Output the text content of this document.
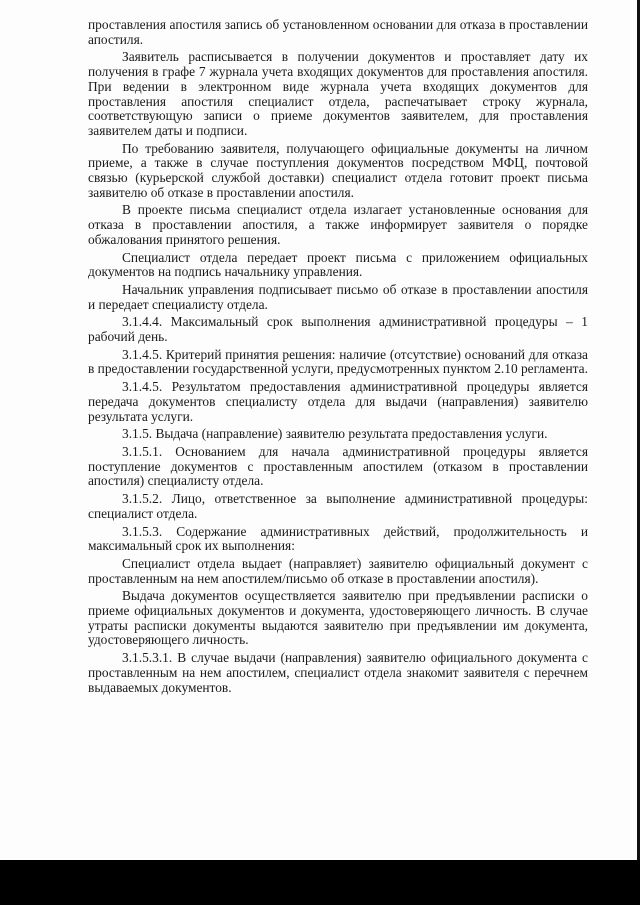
проставления апостиля запись об установленном основании для отказа в проставлении апостиля.

Заявитель расписывается в получении документов и проставляет дату их получения в графе 7 журнала учета входящих документов для проставления апостиля. При ведении в электронном виде журнала учета входящих документов для проставления апостиля специалист отдела, распечатывает строку журнала, соответствующую записи о приеме документов заявителем, для проставления заявителем даты и подписи.

По требованию заявителя, получающего официальные документы на личном приеме, а также в случае поступления документов посредством МФЦ, почтовой связью (курьерской службой доставки) специалист отдела готовит проект письма заявителю об отказе в проставлении апостиля.

В проекте письма специалист отдела излагает установленные основания для отказа в проставлении апостиля, а также информирует заявителя о порядке обжалования принятого решения.

Специалист отдела передает проект письма с приложением официальных документов на подпись начальнику управления.

Начальник управления подписывает письмо об отказе в проставлении апостиля и передает специалисту отдела.

3.1.4.4. Максимальный срок выполнения административной процедуры – 1 рабочий день.

3.1.4.5. Критерий принятия решения: наличие (отсутствие) оснований для отказа в предоставлении государственной услуги, предусмотренных пунктом 2.10 регламента.

3.1.4.5. Результатом предоставления административной процедуры является передача документов специалисту отдела для выдачи (направления) заявителю результата услуги.

3.1.5. Выдача (направление) заявителю результата предоставления услуги.

3.1.5.1. Основанием для начала административной процедуры является поступление документов с проставленным апостилем (отказом в проставлении апостиля) специалисту отдела.

3.1.5.2. Лицо, ответственное за выполнение административной процедуры: специалист отдела.

3.1.5.3. Содержание административных действий, продолжительность и максимальный срок их выполнения:

Специалист отдела выдает (направляет) заявителю официальный документ с проставленным на нем апостилем/письмо об отказе в проставлении апостиля).

Выдача документов осуществляется заявителю при предъявлении расписки о приеме официальных документов и документа, удостоверяющего личность. В случае утраты расписки документы выдаются заявителю при предъявлении им документа, удостоверяющего личность.

3.1.5.3.1. В случае выдачи (направления) заявителю официального документа с проставленным на нем апостилем, специалист отдела знакомит заявителя с перечнем выдаваемых документов.
